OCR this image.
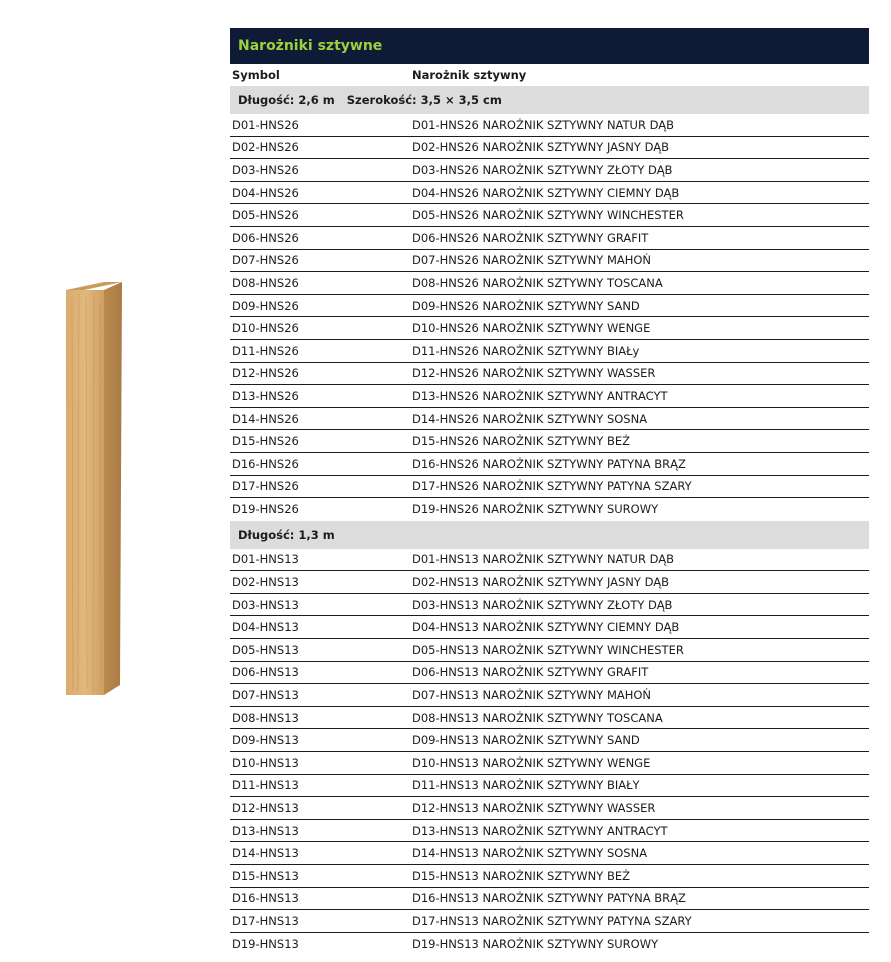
Narożniki sztywne
Symbol	Narożnik sztywny
Długość: 2,6 m Szerokość: 3,5 × 3,5 cm
D01-HNS26	D01-HNS26 NAROŻNIK SZTYWNY NATUR DĄB
D02-HNS26	D02-HNS26 NAROŻNIK SZTYWNY JASNY DĄB
D03-HNS26	D03-HNS26 NAROŻNIK SZTYWNY ZŁOTY DĄB
D04-HNS26	D04-HNS26 NAROŻNIK SZTYWNY CIEMNY DĄB
D05-HNS26	D05-HNS26 NAROŻNIK SZTYWNY WINCHESTER
D06-HNS26	D06-HNS26 NAROŻNIK SZTYWNY GRAFIT
D07-HNS26	D07-HNS26 NAROŻNIK SZTYWNY MAHOŃ
D08-HNS26	D08-HNS26 NAROŻNIK SZTYWNY TOSCANA
D09-HNS26	D09-HNS26 NAROŻNIK SZTYWNY SAND
D10-HNS26	D10-HNS26 NAROŻNIK SZTYWNY WENGE
D11-HNS26	D11-HNS26 NAROŻNIK SZTYWNY BIAŁy
D12-HNS26	D12-HNS26 NAROŻNIK SZTYWNY WASSER
D13-HNS26	D13-HNS26 NAROŻNIK SZTYWNY ANTRACYT
D14-HNS26	D14-HNS26 NAROŻNIK SZTYWNY SOSNA
D15-HNS26	D15-HNS26 NAROŻNIK SZTYWNY BEŻ
D16-HNS26	D16-HNS26 NAROŻNIK SZTYWNY PATYNA BRĄZ
D17-HNS26	D17-HNS26 NAROŻNIK SZTYWNY PATYNA SZARY
D19-HNS26	D19-HNS26 NAROŻNIK SZTYWNY SUROWY
Długość: 1,3 m
D01-HNS13	D01-HNS13 NAROŻNIK SZTYWNY NATUR DĄB
D02-HNS13	D02-HNS13 NAROŻNIK SZTYWNY JASNY DĄB
D03-HNS13	D03-HNS13 NAROŻNIK SZTYWNY ZŁOTY DĄB
D04-HNS13	D04-HNS13 NAROŻNIK SZTYWNY CIEMNY DĄB
D05-HNS13	D05-HNS13 NAROŻNIK SZTYWNY WINCHESTER
D06-HNS13	D06-HNS13 NAROŻNIK SZTYWNY GRAFIT
D07-HNS13	D07-HNS13 NAROŻNIK SZTYWNY MAHOŃ
D08-HNS13	D08-HNS13 NAROŻNIK SZTYWNY TOSCANA
D09-HNS13	D09-HNS13 NAROŻNIK SZTYWNY SAND
D10-HNS13	D10-HNS13 NAROŻNIK SZTYWNY WENGE
D11-HNS13	D11-HNS13 NAROŻNIK SZTYWNY BIAŁY
D12-HNS13	D12-HNS13 NAROŻNIK SZTYWNY WASSER
D13-HNS13	D13-HNS13 NAROŻNIK SZTYWNY ANTRACYT
D14-HNS13	D14-HNS13 NAROŻNIK SZTYWNY SOSNA
D15-HNS13	D15-HNS13 NAROŻNIK SZTYWNY BEŻ
D16-HNS13	D16-HNS13 NAROŻNIK SZTYWNY PATYNA BRĄZ
D17-HNS13	D17-HNS13 NAROŻNIK SZTYWNY PATYNA SZARY
D19-HNS13	D19-HNS13 NAROŻNIK SZTYWNY SUROWY
